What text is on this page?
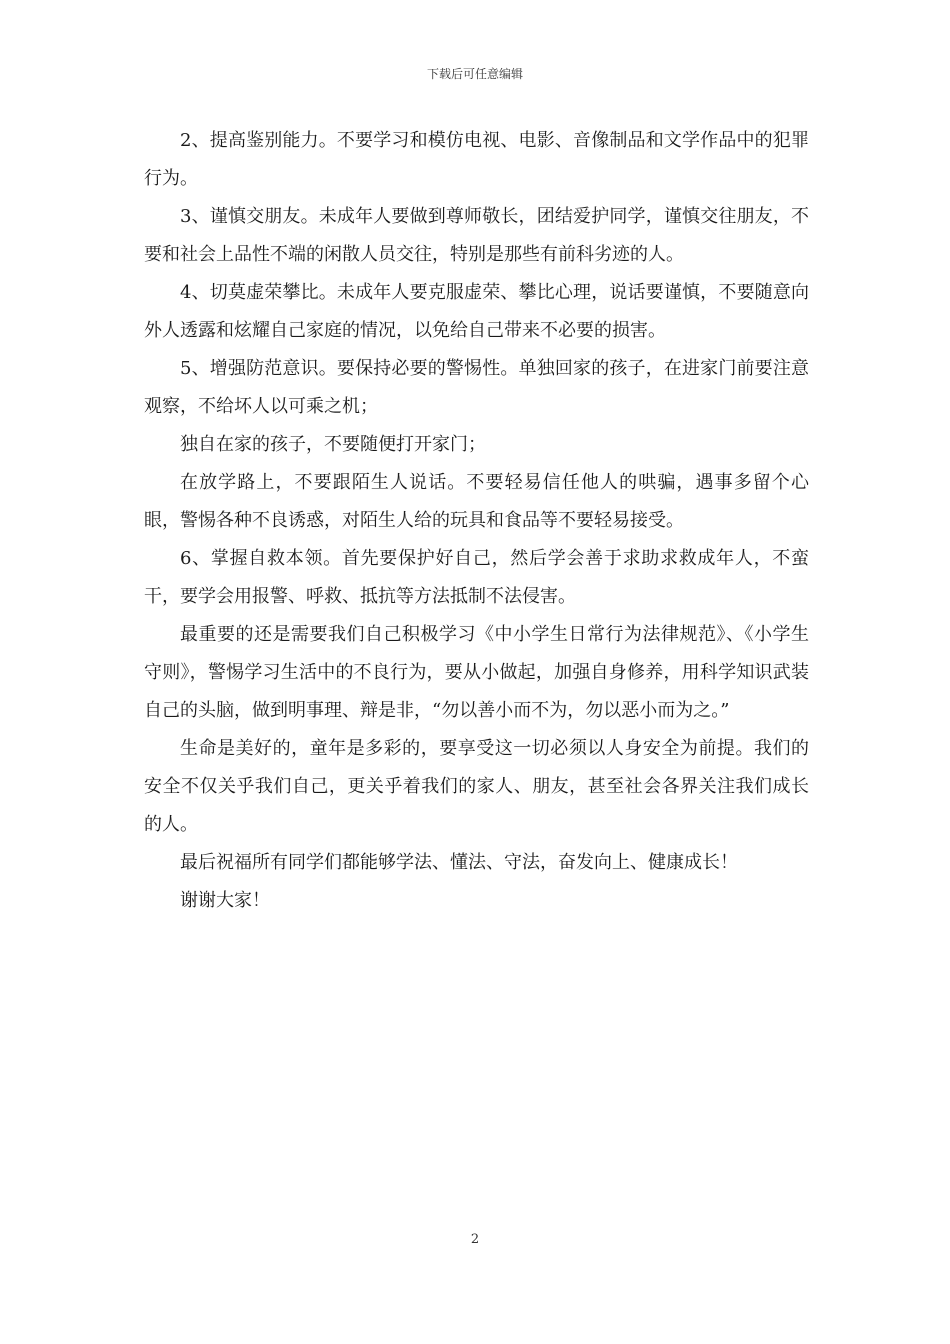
下载后可任意编辑

2、提高鉴别能力。不要学习和模仿电视、电影、音像制品和文学作品中的犯罪行为。

3、谨慎交朋友。未成年人要做到尊师敬长，团结爱护同学，谨慎交往朋友，不要和社会上品性不端的闲散人员交往，特别是那些有前科劣迹的人。

4、切莫虚荣攀比。未成年人要克服虚荣、攀比心理，说话要谨慎，不要随意向外人透露和炫耀自己家庭的情况，以免给自己带来不必要的损害。

5、增强防范意识。要保持必要的警惕性。单独回家的孩子，在进家门前要注意观察，不给坏人以可乘之机；

独自在家的孩子，不要随便打开家门；

在放学路上，不要跟陌生人说话。不要轻易信任他人的哄骗，遇事多留个心眼，警惕各种不良诱惑，对陌生人给的玩具和食品等不要轻易接受。

6、掌握自救本领。首先要保护好自己，然后学会善于求助求救成年人，不蛮干，要学会用报警、呼救、抵抗等方法抵制不法侵害。

最重要的还是需要我们自己积极学习《中小学生日常行为法律规范》、《小学生守则》，警惕学习生活中的不良行为，要从小做起，加强自身修养，用科学知识武装自己的头脑，做到明事理、辩是非，“勿以善小而不为，勿以恶小而为之。”

生命是美好的，童年是多彩的，要享受这一切必须以人身安全为前提。我们的安全不仅关乎我们自己，更关乎着我们的家人、朋友，甚至社会各界关注我们成长的人。

最后祝福所有同学们都能够学法、懂法、守法，奋发向上、健康成长！

谢谢大家！

2
